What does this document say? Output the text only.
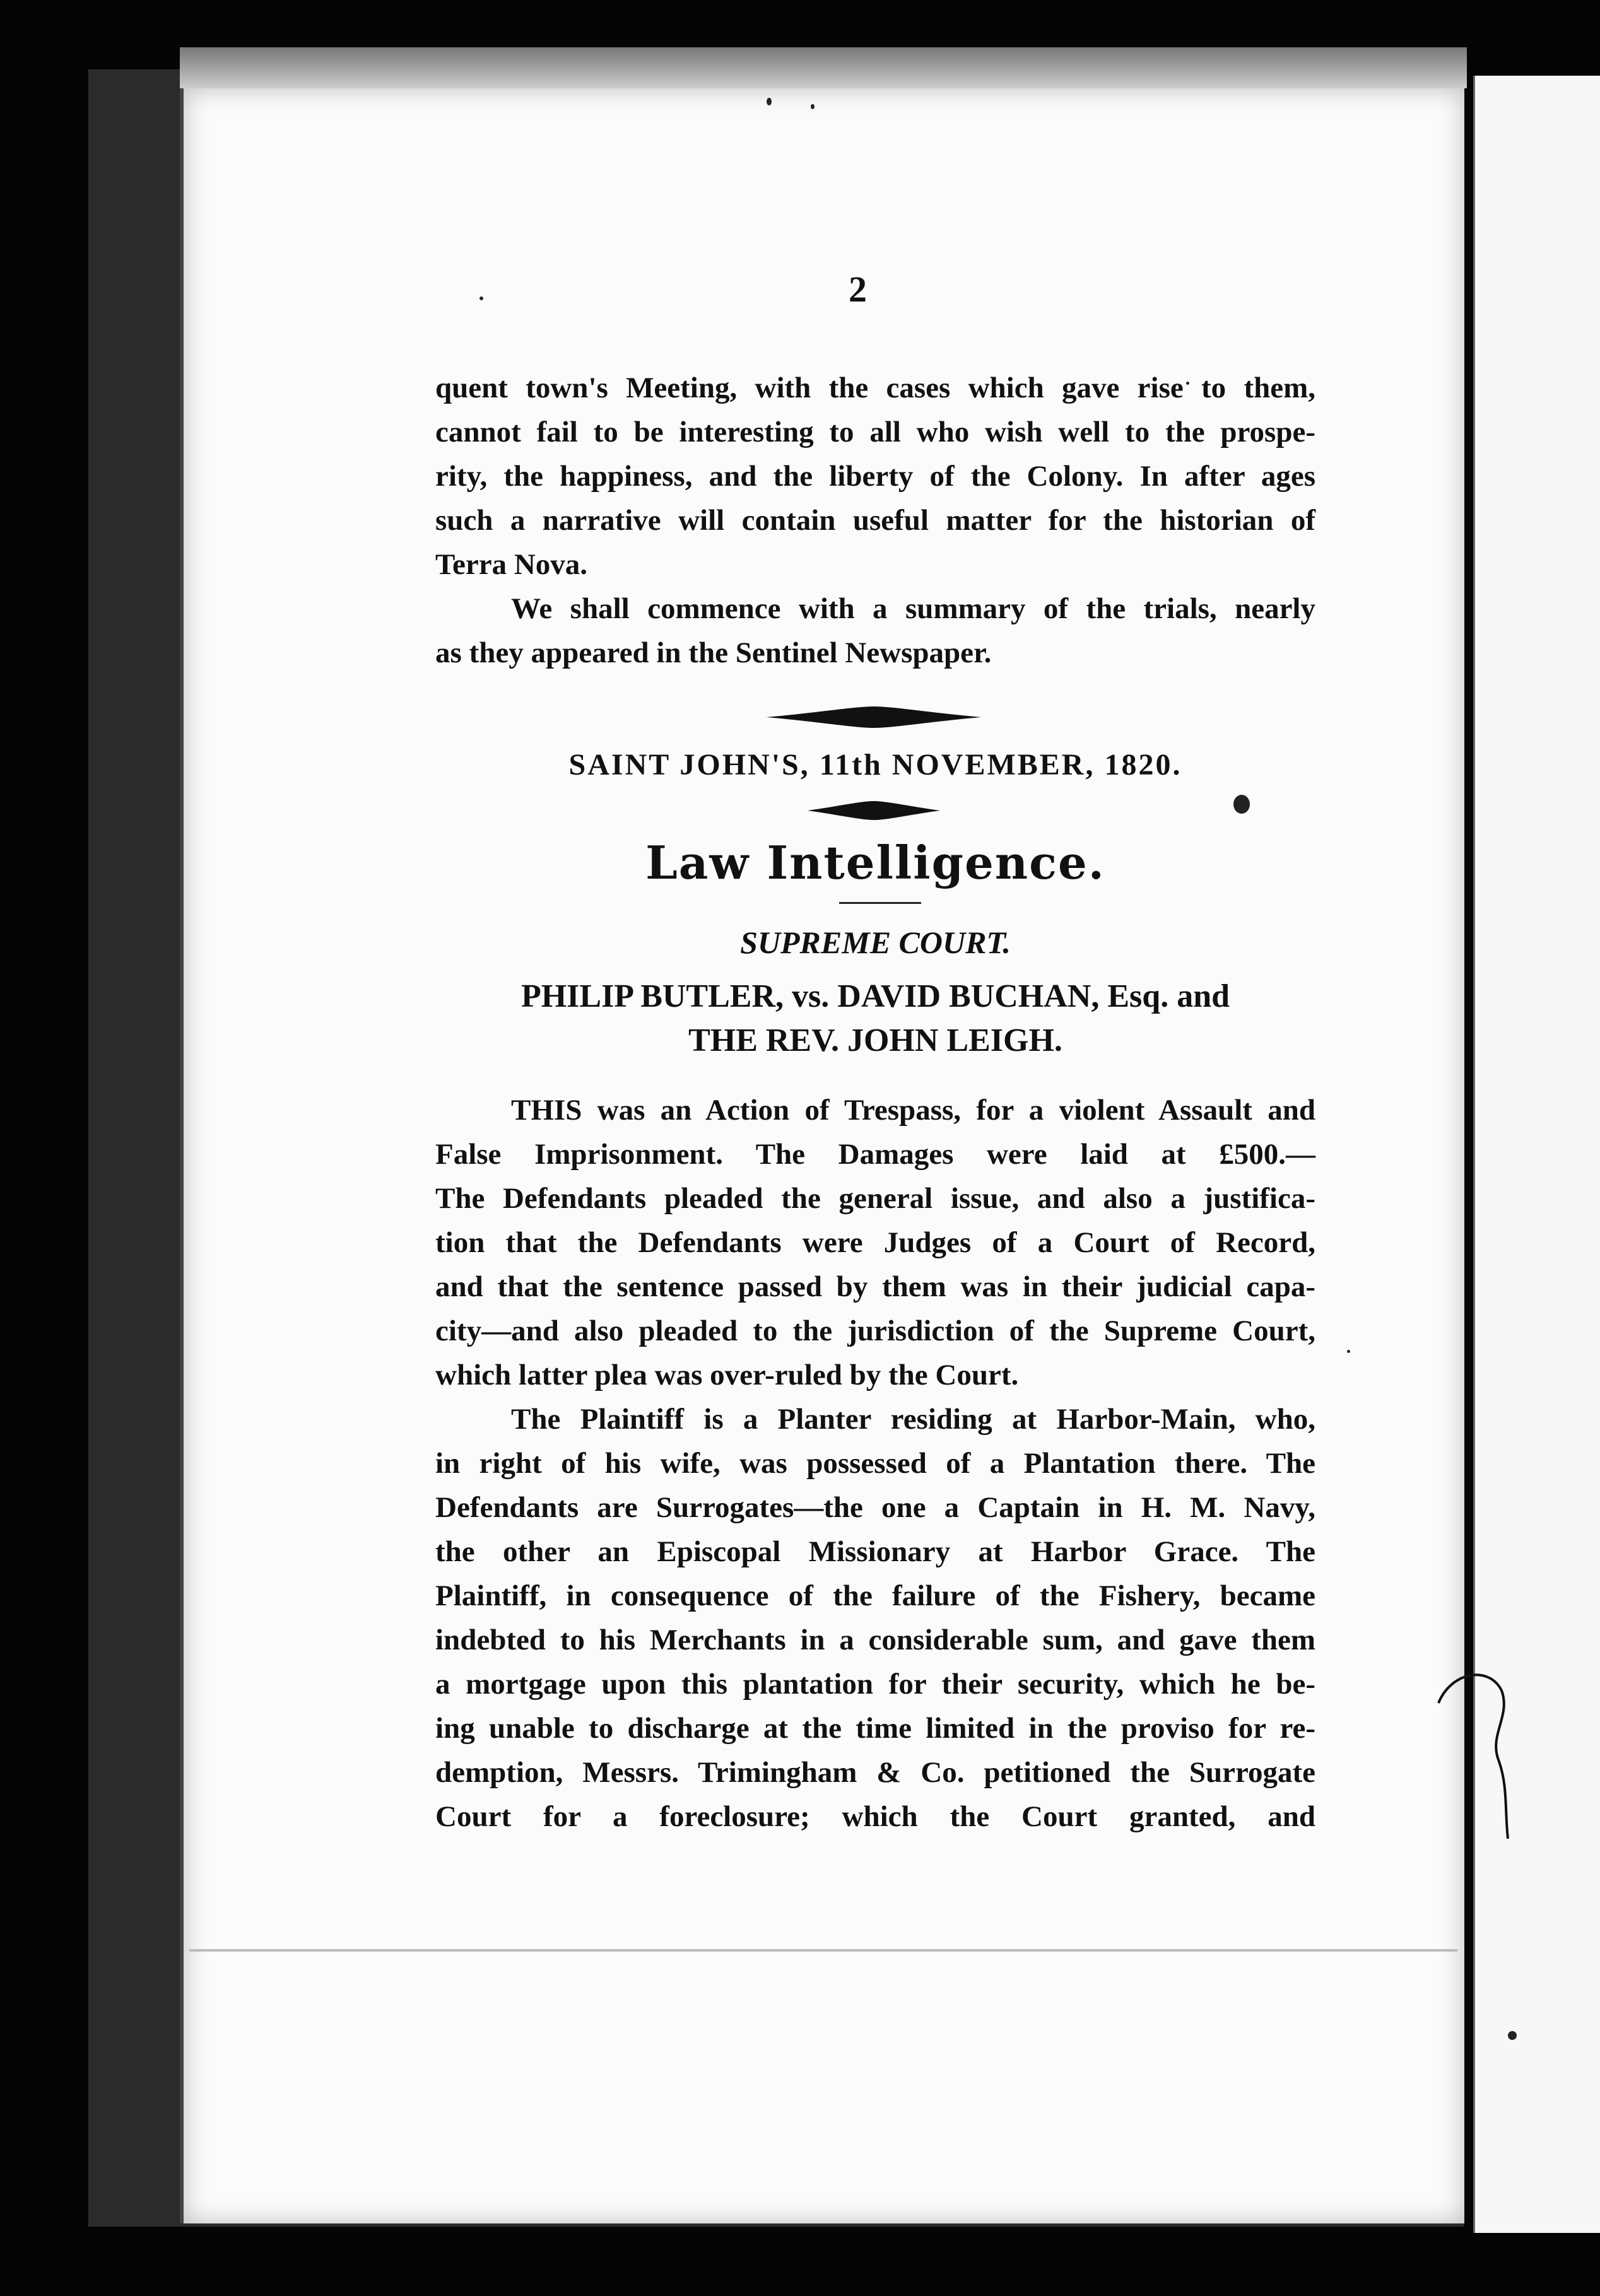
2
quent town's Meeting, with the cases which gave rise to them,
cannot fail to be interesting to all who wish well to the prospe-
rity, the happiness, and the liberty of the Colony. In after ages
such a narrative will contain useful matter for the historian of
Terra Nova.
We shall commence with a summary of the trials, nearly
as they appeared in the Sentinel Newspaper.
SAINT JOHN'S, 11th NOVEMBER, 1820.
Law Intelligence.
SUPREME COURT.
PHILIP BUTLER, vs. DAVID BUCHAN, Esq. and
THE REV. JOHN LEIGH.
THIS was an Action of Trespass, for a violent Assault and
False Imprisonment. The Damages were laid at £500.—
The Defendants pleaded the general issue, and also a justifica-
tion that the Defendants were Judges of a Court of Record,
and that the sentence passed by them was in their judicial capa-
city—and also pleaded to the jurisdiction of the Supreme Court,
which latter plea was over-ruled by the Court.
The Plaintiff is a Planter residing at Harbor-Main, who,
in right of his wife, was possessed of a Plantation there. The
Defendants are Surrogates—the one a Captain in H. M. Navy,
the other an Episcopal Missionary at Harbor Grace. The
Plaintiff, in consequence of the failure of the Fishery, became
indebted to his Merchants in a considerable sum, and gave them
a mortgage upon this plantation for their security, which he be-
ing unable to discharge at the time limited in the proviso for re-
demption, Messrs. Trimingham & Co. petitioned the Surrogate
Court for a foreclosure; which the Court granted, and
